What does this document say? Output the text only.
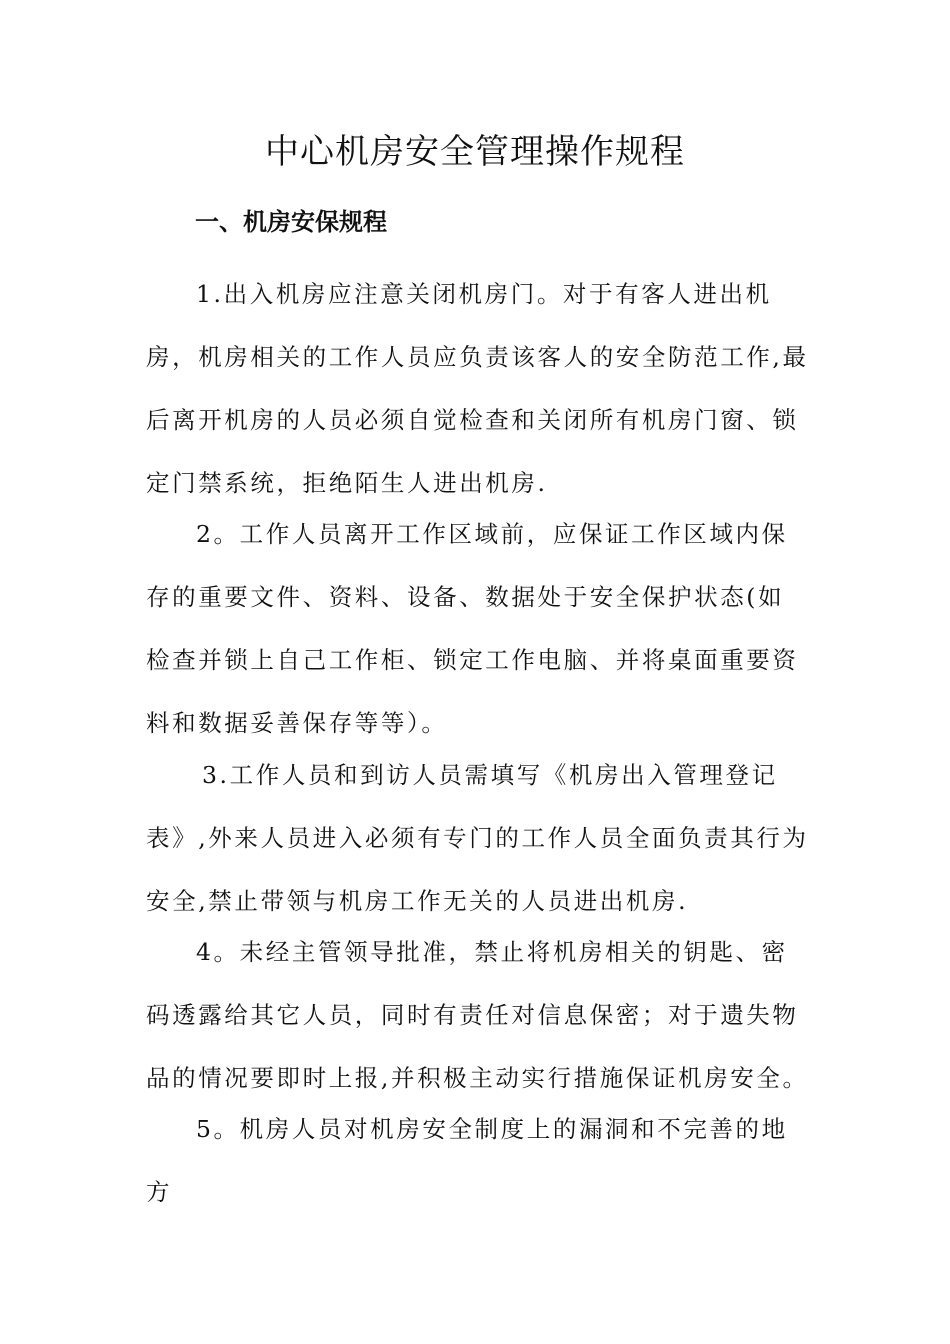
中心机房安全管理操作规程
一、机房安保规程

1.出入机房应注意关闭机房门。对于有客人进出机房，机房相关的工作人员应负责该客人的安全防范工作,最后离开机房的人员必须自觉检查和关闭所有机房门窗、锁定门禁系统，拒绝陌生人进出机房.

2。工作人员离开工作区域前，应保证工作区域内保存的重要文件、资料、设备、数据处于安全保护状态(如检查并锁上自己工作柜、锁定工作电脑、并将桌面重要资料和数据妥善保存等等）。

3.工作人员和到访人员需填写《机房出入管理登记表》,外来人员进入必须有专门的工作人员全面负责其行为安全,禁止带领与机房工作无关的人员进出机房.

4。未经主管领导批准，禁止将机房相关的钥匙、密码透露给其它人员，同时有责任对信息保密；对于遗失物品的情况要即时上报,并积极主动实行措施保证机房安全。

5。机房人员对机房安全制度上的漏洞和不完善的地方
